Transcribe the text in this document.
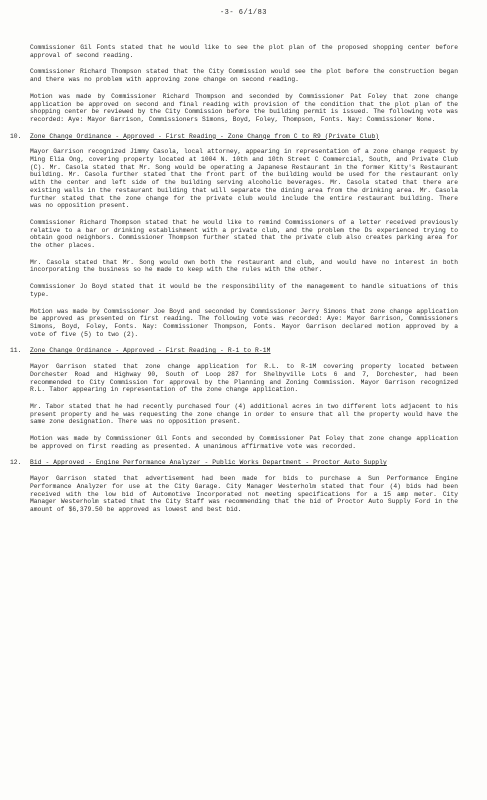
-3- 6/1/83

Commissioner Gil Fonts stated that he would like to see the plot plan of the proposed shopping center before approval of second reading.

Commissioner Richard Thompson stated that the City Commission would see the plot before the construction began and there was no problem with approving zone change on second reading.

Motion was made by Commissioner Richard Thompson and seconded by Commissioner Pat Foley that zone change application be approved on second and final reading with provision of the condition that the plot plan of the shopping center be reviewed by the City Commission before the building permit is issued. The following vote was recorded: Aye: Mayor Garrison, Commissioners Simons, Boyd, Foley, Thompson, Fonts. Nay: Commissioner None.

10. Zone Change Ordinance - Approved - First Reading - Zone Change from C to R9 (Private Club)

Mayor Garrison recognized Jimmy Casola, local attorney, appearing in representation of a zone change request by Ming Elia Ong, covering property located at 1004 N. 10th and 10th Street C Commercial, South, and Private Club (C). Mr. Casola stated that Mr. Song would be operating a Japanese Restaurant in the former Kitty's Restaurant building. Mr. Casola further stated that the front part of the building would be used for the restaurant only with the center and left side of the building serving alcoholic beverages. Mr. Casola stated that there are existing walls in the restaurant building that will separate the dining area from the drinking area. Mr. Casola further stated that the zone change for the private club would include the entire restaurant building. There was no opposition present.

Commissioner Richard Thompson stated that he would like to remind Commissioners of a letter received previously relative to a bar or drinking establishment with a private club, and the problem the Ds experienced trying to obtain good neighbors. Commissioner Thompson further stated that the private club also creates parking area for the other places.

Mr. Casola stated that Mr. Song would own both the restaurant and club, and would have no interest in both incorporating the business so he made to keep with the rules with the other.

Commissioner Jo Boyd stated that it would be the responsibility of the management to handle situations of this type.

Motion was made by Commissioner Joe Boyd and seconded by Commissioner Jerry Simons that zone change application be approved as presented on first reading. The following vote was recorded: Aye: Mayor Garrison, Commissioners Simons, Boyd, Foley, Fonts. Nay: Commissioner Thompson, Fonts. Mayor Garrison declared motion approved by a vote of five (5) to two (2).

11. Zone Change Ordinance - Approved - First Reading - R-1 to R-1M

Mayor Garrison stated that zone change application for R.L. to R-1M covering property located between Dorchester Road and Highway 90, South of Loop 287 for Shelbyville Lots 6 and 7, Dorchester, had been recommended to City Commission for approval by the Planning and Zoning Commission. Mayor Garrison recognized R.L. Tabor appearing in representation of the zone change application.

Mr. Tabor stated that he had recently purchased four (4) additional acres in two different lots adjacent to his present property and he was requesting the zone change in order to ensure that all the property would have the same zone designation. There was no opposition present.

Motion was made by Commissioner Gil Fonts and seconded by Commissioner Pat Foley that zone change application be approved on first reading as presented. A unanimous affirmative vote was recorded.

12. Bid - Approved - Engine Performance Analyzer - Public Works Department - Proctor Auto Supply

Mayor Garrison stated that advertisement had been made for bids to purchase a Sun Performance Engine Performance Analyzer for use at the City Garage. City Manager Westerholm stated that four (4) bids had been received with the low bid of Automotive Incorporated not meeting specifications for a 15 amp meter. City Manager Westerholm stated that the City Staff was recommending that the bid of Proctor Auto Supply Ford in the amount of $6,379.50 be approved as lowest and best bid.
